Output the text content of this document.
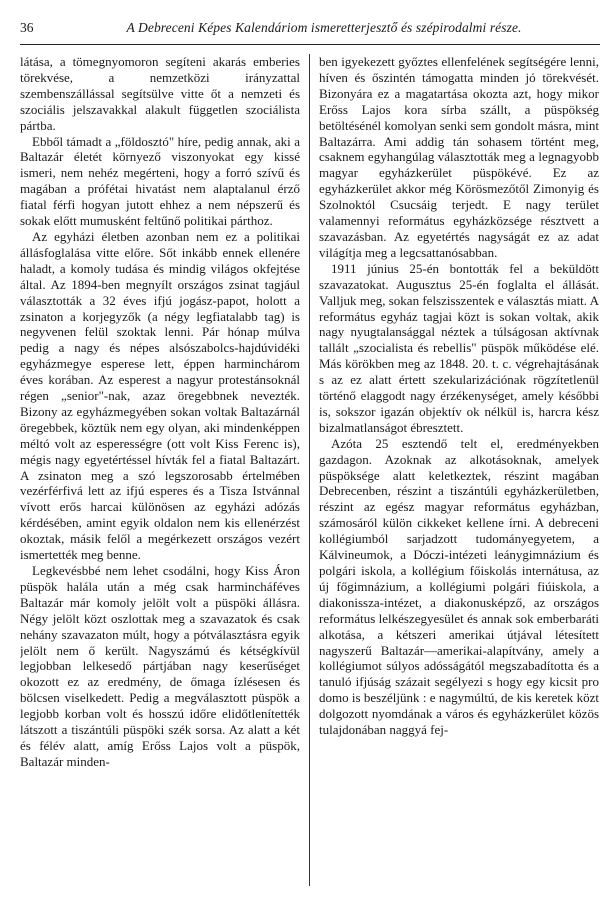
36	A Debreceni Képes Kalendáriom ismeretterjesztő és szépirodalmi része.

látása, a tömegnyomoron segíteni akarás emberies törekvése, a nemzetközi irányzattal szembenszállással segítsülve vitte őt a nemzeti és szociális jelszavakkal alakult független szociálista pártba.

Ebből támadt a „földosztó" híre, pedig annak, aki a Baltazár életét környező viszonyokat egy kissé ismeri, nem nehéz megérteni, hogy a forró szívű és magában a prófétai hivatást nem alaptalanul érző fiatal férfi hogyan jutott ehhez a nem népszerű és sokak előtt mumusként feltűnő politikai párthoz.

Az egyházi életben azonban nem ez a politikai állásfoglalása vitte előre. Sőt inkább ennek ellenére haladt, a komoly tudása és mindig világos okfejtése által. Az 1894-ben megnyílt országos zsinat tagjául választották a 32 éves ifjú jogász-papot, holott a zsinaton a korjegyzők (a négy legfiatalabb tag) is negyvenen felül szoktak lenni. Pár hónap múlva pedig a nagy és népes alsószabolcs-hajdúvidéki egyházmegye esperese lett, éppen harminchárom éves korában. Az esperest a nagyur protestánsoknál régen „senior"-nak, azaz öregebbnek nevezték. Bizony az egyházmegyében sokan voltak Baltazárnál öregebbek, köztük nem egy olyan, aki mindenképpen méltó volt az esperességre (ott volt Kiss Ferenc is), mégis nagy egyetértéssel hívták fel a fiatal Baltazárt. A zsinaton meg a szó legszorosabb értelmében vezérférfivá lett az ifjú esperes és a Tisza Istvánnal vívott erős harcai különösen az egyházi adózás kérdésében, amint egyik oldalon nem kis ellenérzést okoztak, másik felől a megérkezett országos vezért ismertették meg benne.

Legkevésbbé nem lehet csodálni, hogy Kiss Áron püspök halála után a még csak harmincháféves Baltazár már komoly jelölt volt a püspöki állásra. Négy jelölt közt oszlottak meg a szavazatok és csak nehány szavazaton múlt, hogy a pótválasztásra egyik jelölt nem ő került. Nagyszámú és kétségkívül legjobban lelkesedő pártjában nagy keserűséget okozott ez az eredmény, de őmaga ízlésesen és bölcsen viselkedett. Pedig a megválasztott püspök a legjobb korban volt és hosszú időre elidőtlenítették látszott a tiszántúli püspöki szék sorsa. Az alatt a két és félév alatt, amíg Erőss Lajos volt a püspök, Baltazár minden-

ben igyekezett győztes ellenfelének segítségére lenni, híven és őszintén támogatta minden jó törekvését. Bizonyára ez a magatartása okozta azt, hogy mikor Erőss Lajos kora sírba szállt, a püspökség betöltésénél komolyan senki sem gondolt másra, mint Baltazárra. Ami addig tán sohasem történt meg, csaknem egyhangúlag választották meg a legnagyobb magyar egyházkerület püspökévé. Ez az egyházkerület akkor még Körösmezőtől Zimonyig és Szolnoktól Csucsáig terjedt. E nagy terület valamennyi református egyházközsége résztvett a szavazásban. Az egyetértés nagyságát ez az adat világítja meg a legcsattanósabban.

1911 június 25-én bontották fel a beküldött szavazatokat. Augusztus 25-én foglalta el állását. Valljuk meg, sokan felszisszentek e választás miatt. A református egyház tagjai közt is sokan voltak, akik nagy nyugtalansággal néztek a túlságosan aktívnak tallált „szocialista és rebellis" püspök működése elé. Más körökben meg az 1848. 20. t. c. végrehajtásának s az ez alatt értett szekularizációnak rögzítetlenül történő elaggodt nagy érzékenységet, amely későbbi is, sokszor igazán objektív ok nélkül is, harcra kész bizalmatlanságot ébresztett.

Azóta 25 esztendő telt el, eredményekben gazdagon. Azoknak az alkotásoknak, amelyek püspöksége alatt keletkeztek, részint magában Debrecenben, részint a tiszántúli egyházkerületben, részint az egész magyar református egyházban, számosáról külön cikkeket kellene írni. A debreceni kollégiumból sarjadzott tudományegyetem, a Kálvineumok, a Dóczi-intézeti leánygimnázium és polgári iskola, a kollégium főiskolás internátusa, az új főgimnázium, a kollégiumi polgári fiúiskola, a diakonissza-intézet, a diakonusképző, az országos református lelkészegyesület és annak sok emberbaráti alkotása, a kétszeri amerikai útjával létesített nagyszerű Baltazár—amerikai-alapítvány, amely a kollégiumot súlyos adósságától megszabadította és a tanuló ifjúság százait segélyezi s hogy egy kicsit pro domo is beszéljünk : e nagymúltú, de kis keretek közt dolgozott nyomdának a város és egyházkerület közös tulajdonában naggyá fej-
